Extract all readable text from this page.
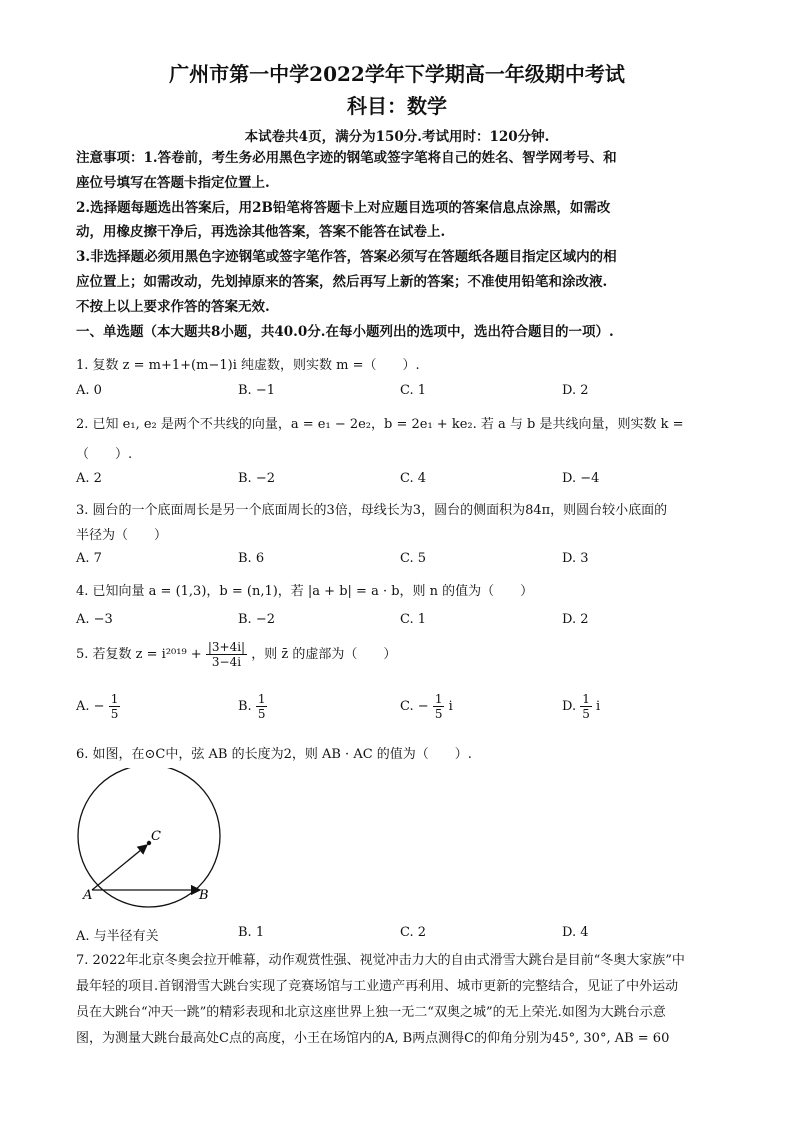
广州市第一中学2022学年下学期高一年级期中考试
科目：数学
本试卷共4页，满分为150分.考试用时：120分钟.
注意事项：1.答卷前，考生务必用黑色字迹的钢笔或签字笔将自己的姓名、智学网考号、和
座位号填写在答题卡指定位置上.
2.选择题每题选出答案后，用2B铅笔将答题卡上对应题目选项的答案信息点涂黑，如需改
动，用橡皮擦干净后，再选涂其他答案，答案不能答在试卷上.
3.非选择题必须用黑色字迹钢笔或签字笔作答，答案必须写在答题纸各题目指定区域内的相
应位置上；如需改动，先划掉原来的答案，然后再写上新的答案；不准使用铅笔和涂改液.
不按上以上要求作答的答案无效.
一、单选题（本大题共8小题，共40.0分.在每小题列出的选项中，选出符合题目的一项）.
1. 复数 z = m+1+(m−1)i 纯虚数，则实数 m =（　　）.
A. 0	B. −1	C. 1	D. 2
2. 已知 e₁, e₂ 是两个不共线的向量，a = e₁ − 2e₂，b = 2e₁ + ke₂. 若 a 与 b 是共线向量，则实数 k =
（　　）.
A. 2	B. −2	C. 4	D. −4
3. 圆台的一个底面周长是另一个底面周长的3倍，母线长为3，圆台的侧面积为84π，则圆台较小底面的
半径为（　　）
A. 7	B. 6	C. 5	D. 3
4. 已知向量 a = (1,3)，b = (n,1)，若 |a + b| = a · b，则 n 的值为（　　）
A. −3	B. −2	C. 1	D. 2
5. 若复数 $z = i^{2019} + \frac{|3+4i|}{3-4i}$ ，则 z̄ 的虚部为（　　）
A. − $\frac{1}{5}$	B. $\frac{1}{5}$	C. − $\frac{1}{5}$ i	D. $\frac{1}{5}$ i
6. 如图，在⊙C中，弦 AB 的长度为2，则 AB · AC 的值为（　　）.
C
A	B
A. 与半径有关	B. 1	C. 2	D. 4
7. 2022年北京冬奥会拉开帷幕，动作观赏性强、视觉冲击力大的自由式滑雪大跳台是目前“冬奥大家族”中
最年轻的项目.首钢滑雪大跳台实现了竞赛场馆与工业遗产再利用、城市更新的完整结合，见证了中外运动
员在大跳台“冲天一跳”的精彩表现和北京这座世界上独一无二“双奥之城”的无上荣光.如图为大跳台示意
图，为测量大跳台最高处C点的高度，小王在场馆内的A, B两点测得C的仰角分别为45°, 30°, AB = 60
